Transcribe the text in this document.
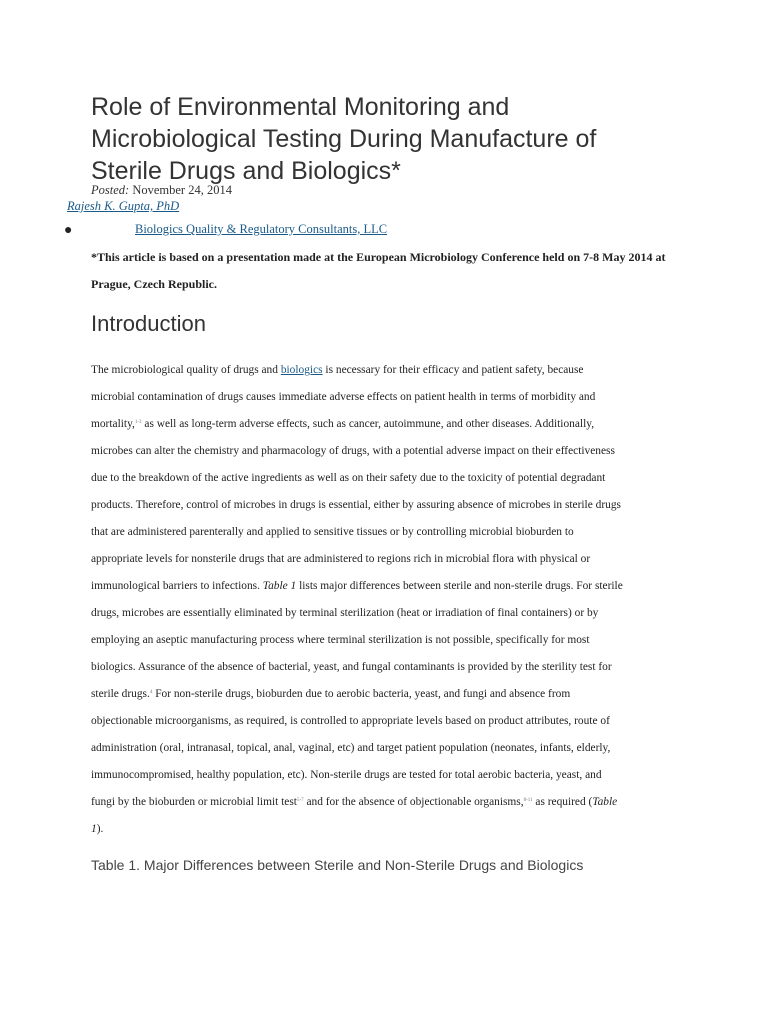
Role of Environmental Monitoring and
Microbiological Testing During Manufacture of
Sterile Drugs and Biologics*
Posted: November 24, 2014
Rajesh K. Gupta, PhD
●	Biologics Quality & Regulatory Consultants, LLC

*This article is based on a presentation made at the European Microbiology Conference held on 7-8 May 2014 at Prague, Czech Republic.

Introduction

The microbiological quality of drugs and biologics is necessary for their efficacy and patient safety, because
microbial contamination of drugs causes immediate adverse effects on patient health in terms of morbidity and
mortality,$^{1-3}$ as well as long-term adverse effects, such as cancer, autoimmune, and other diseases. Additionally,
microbes can alter the chemistry and pharmacology of drugs, with a potential adverse impact on their effectiveness
due to the breakdown of the active ingredients as well as on their safety due to the toxicity of potential degradant
products. Therefore, control of microbes in drugs is essential, either by assuring absence of microbes in sterile drugs
that are administered parenterally and applied to sensitive tissues or by controlling microbial bioburden to
appropriate levels for nonsterile drugs that are administered to regions rich in microbial flora with physical or
immunological barriers to infections. Table 1 lists major differences between sterile and non-sterile drugs. For sterile
drugs, microbes are essentially eliminated by terminal sterilization (heat or irradiation of final containers) or by
employing an aseptic manufacturing process where terminal sterilization is not possible, specifically for most
biologics. Assurance of the absence of bacterial, yeast, and fungal contaminants is provided by the sterility test for
sterile drugs.$^4$ For non-sterile drugs, bioburden due to aerobic bacteria, yeast, and fungi and absence from
objectionable microorganisms, as required, is controlled to appropriate levels based on product attributes, route of
administration (oral, intranasal, topical, anal, vaginal, etc) and target patient population (neonates, infants, elderly,
immunocompromised, healthy population, etc). Non-sterile drugs are tested for total aerobic bacteria, yeast, and
fungi by the bioburden or microbial limit test$^{5-7}$ and for the absence of objectionable organisms,$^{8-11}$ as required (Table
1).

Table 1. Major Differences between Sterile and Non-Sterile Drugs and Biologics
